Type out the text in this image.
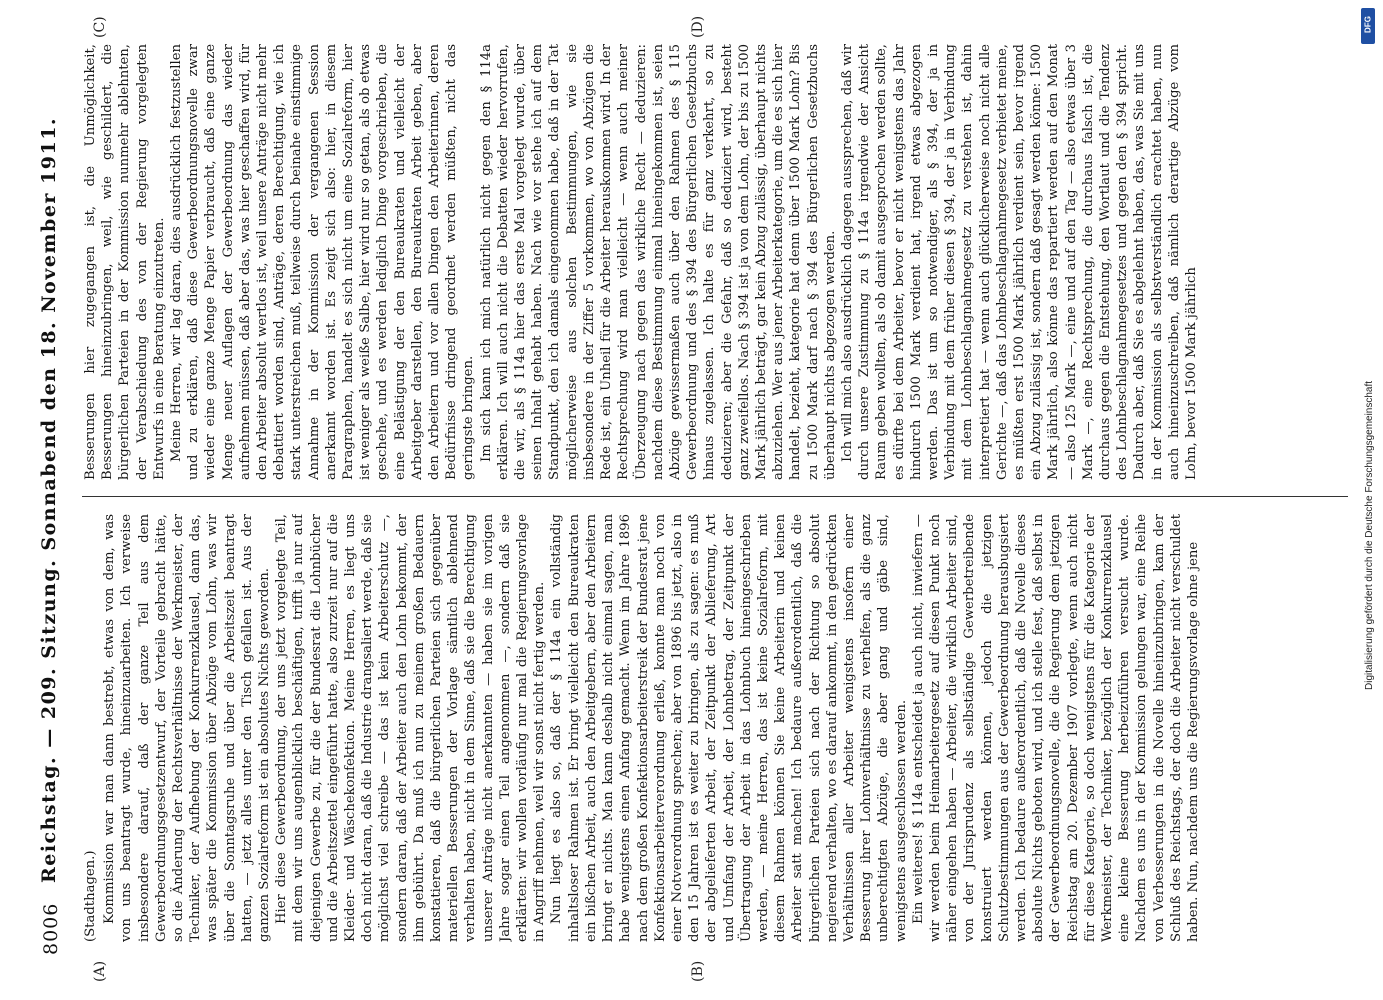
8006
Reichstag. — 209. Sitzung. Sonnabend den 18. November 1911.
(A)	(B)
(C)	(D)

(Stadthagen.) Kommission war man dann bestrebt, etwas von dem, was von uns beantragt wurde, hineinzuarbeiten. Ich verweise insbesondere darauf, daß der ganze Teil aus dem Gewerbeordnungsgesetzentwurf, der Vorteile gebracht hätte, so die Änderung der Rechtsverhältnisse der Werkmeister, der Techniker, der Aufhebung der Konkurrenzklausel, dann das, was später die Kommission über Abzüge vom Lohn, was wir über die Sonntagsruhe und über die Arbeitszeit beantragt hatten, — jetzt alles unter den Tisch gefallen ist. Aus der ganzen Sozialreform ist ein absolutes Nichts geworden. Hier diese Gewerbeordnung, der uns jetzt vorgelegte Teil, mit dem wir uns augenblicklich beschäftigen, trifft ja nur auf diejenigen Gewerbe zu, für die der Bundesrat die Lohnbücher und die Arbeitszettel eingeführt hatte, also zurzeit nur auf die Kleider- und Wäschekonfektion. Meine Herren, es liegt uns doch nicht daran, daß die Industrie drangsaliert werde, daß sie möglichst viel schreibe — das ist kein Arbeiterschutz —, sondern daran, daß der Arbeiter auch den Lohn bekommt, der ihm gebührt. Da muß ich nun zu meinem großen Bedauern konstatieren, daß die bürgerlichen Parteien sich gegenüber materiellen Besserungen der Vorlage sämtlich ablehnend verhalten haben, nicht in dem Sinne, daß sie die Berechtigung unserer Anträge nicht anerkannten — haben sie im vorigen Jahre sogar einen Teil angenommen —, sondern daß sie erklärten: wir wollen vorläufig nur mal die Regierungsvorlage in Angriff nehmen, weil wir sonst nicht fertig werden. Nun liegt es also so, daß der § 114a ein vollständig inhaltsloser Rahmen ist. Er bringt vielleicht den Bureaukraten ein bißchen Arbeit, auch den Arbeitgebern, aber den Arbeitern bringt er nichts. Man kann deshalb nicht einmal sagen, man habe wenigstens einen Anfang gemacht. Wenn im Jahre 1896 nach dem großen Konfektionsarbeiterstreik der Bundesrat jene Konfektionsarbeiterverordnung erließ, konnte man noch von einer Notverordnung sprechen; aber von 1896 bis jetzt, also in den 15 Jahren ist es weiter zu bringen, als zu sagen: es muß der abgelieferten Arbeit, der Zeitpunkt der Ablieferung, Art und Umfang der Arbeit, der Lohnbetrag, der Zeitpunkt der Übertragung der Arbeit in das Lohnbuch hineingeschrieben werden, — meine Herren, das ist keine Sozialreform, mit diesem Rahmen können Sie keine Arbeiterin und keinen Arbeiter satt machen! Ich bedaure außerordentlich, daß die bürgerlichen Parteien sich nach der Richtung so absolut negierend verhalten, wo es darauf ankommt, in den gedrückten Verhältnissen aller Arbeiter wenigstens insofern einer Besserung ihrer Lohnverhältnisse zu verhelfen, als die ganz unberechtigten Abzüge, die aber gang und gäbe sind, wenigstens ausgeschlossen werden. Ein weiteres! § 114a entscheidet ja auch nicht, inwiefern — wir werden beim Heimarbeitergesetz auf diesen Punkt noch näher eingehen haben — Arbeiter, die wirklich Arbeiter sind, von der Jurisprudenz als selbständige Gewerbetreibende konstruiert werden können, jedoch die jetzigen Schutzbestimmungen aus der Gewerbeordnung herausbugsiert werden. Ich bedaure außerordentlich, daß die Novelle dieses absolute Nichts geboten wird, und ich stelle fest, daß selbst in der Gewerbeordnungsnovelle, die die Regierung dem jetzigen Reichstag am 20. Dezember 1907 vorlegte, wenn auch nicht für diese Kategorie, so doch wenigstens für die Kategorie der Werkmeister, der Techniker, bezüglich der Konkurrenzklausel eine kleine Besserung herbeizuführen versucht wurde. Nachdem es uns in der Kommission gelungen war, eine Reihe von Verbesserungen in die Novelle hineinzubringen, kam der Schluß des Reichstags, der doch die Arbeiter nicht verschuldet haben. Nun, nachdem uns die Regierungsvorlage ohne jene

Besserungen hier zugegangen ist, die Unmöglichkeit, Besserungen hineinzubringen, weil, wie geschildert, die bürgerlichen Parteien in der Kommission nunmehr ablehnten, der Verabschiedung des von der Regierung vorgelegten Entwurfs in eine Beratung einzutreten. Meine Herren, wir lag daran, dies ausdrücklich festzustellen und zu erklären, daß diese Gewerbeordnungsnovelle zwar wieder eine ganze Menge Papier verbraucht, daß eine ganze Menge neuer Auflagen der Gewerbeordnung das wieder aufnehmen müssen, daß aber das, was hier geschaffen wird, für den Arbeiter absolut wertlos ist, weil unsere Anträge nicht mehr debattiert worden sind, Anträge, deren Berechtigung, wie ich stark unterstreichen muß, teilweise durch beinahe einstimmige Annahme in der Kommission der vergangenen Session anerkannt worden ist. Es zeigt sich also: hier, in diesem Paragraphen, handelt es sich nicht um eine Sozialreform, hier ist weniger als weiße Salbe, hier wird nur so getan, als ob etwas geschehe, und es werden lediglich Dinge vorgeschrieben, die eine Belästigung der den Bureaukraten und vielleicht der Arbeitgeber darstellen, den Bureaukraten Arbeit geben, aber den Arbeitern und vor allen Dingen den Arbeiterinnen, deren Bedürfnisse dringend geordnet werden müßten, nicht das geringste bringen. Im sich kann ich mich natürlich nicht gegen den § 114a erklären. Ich will auch nicht die Debatten wieder hervorrufen, die wir, als § 114a hier das erste Mal vorgelegt wurde, über seinen Inhalt gehabt haben. Nach wie vor stehe ich auf dem Standpunkt, den ich damals eingenommen habe, daß in der Tat möglicherweise aus solchen Bestimmungen, wie sie insbesondere in der Ziffer 5 vorkommen, wo von Abzügen die Rede ist, ein Unheil für die Arbeiter herauskommen wird. In der Rechtsprechung wird man vielleicht — wenn auch meiner Überzeugung nach gegen das wirkliche Recht — deduzieren: nachdem diese Bestimmung einmal hineingekommen ist, seien Abzüge gewissermaßen auch über den Rahmen des § 115 Gewerbeordnung und des § 394 des Bürgerlichen Gesetzbuchs hinaus zugelassen. Ich halte es für ganz verkehrt, so zu deduzieren; aber die Gefahr, daß so deduziert wird, besteht ganz zweifellos. Nach § 394 ist ja von dem Lohn, der bis zu 1500 Mark jährlich beträgt, gar kein Abzug zulässig, überhaupt nichts abzuziehen. Wer aus jener Arbeiterkategorie, um die es sich hier handelt, bezieht, kategorie hat denn über 1500 Mark Lohn? Bis zu 1500 Mark darf nach § 394 des Bürgerlichen Gesetzbuchs überhaupt nichts abgezogen werden. Ich will mich also ausdrücklich dagegen aussprechen, daß wir durch unsere Zustimmung zu § 114a irgendwie der Ansicht Raum geben wollten, als ob damit ausgesprochen werden sollte, es dürfte bei dem Arbeiter, bevor er nicht wenigstens das Jahr hindurch 1500 Mark verdient hat, irgend etwas abgezogen werden. Das ist um so notwendiger, als § 394, der ja in Verbindung mit dem früher diesen § 394, der ja in Verbindung mit dem Lohnbeschlagnahmegesetz zu verstehen ist, dahin interpretiert hat — wenn auch glücklicherweise noch nicht alle Gerichte —, daß das Lohnbeschlagnahmegesetz verbietet meine, es müßten erst 1500 Mark jährlich verdient sein, bevor irgend ein Abzug zulässig ist, sondern daß gesagt werden könne: 1500 Mark jährlich, also könne das repartiert werden auf den Monat — also 125 Mark —, eine und auf den Tag — also etwas über 3 Mark —, eine Rechtsprechung, die durchaus falsch ist, die durchaus gegen die Entstehung, den Wortlaut und die Tendenz des Lohnbeschlagnahmegesetzes und gegen den § 394 spricht. Dadurch aber, daß Sie es abgelehnt haben, das, was Sie mit uns in der Kommission als selbstverständlich erachtet haben, nun auch hineinzuschreiben, daß nämlich derartige Abzüge vom Lohn, bevor 1500 Mark jährlich

DFG
Digitalisierung gefördert durch die Deutsche Forschungsgemeinschaft
